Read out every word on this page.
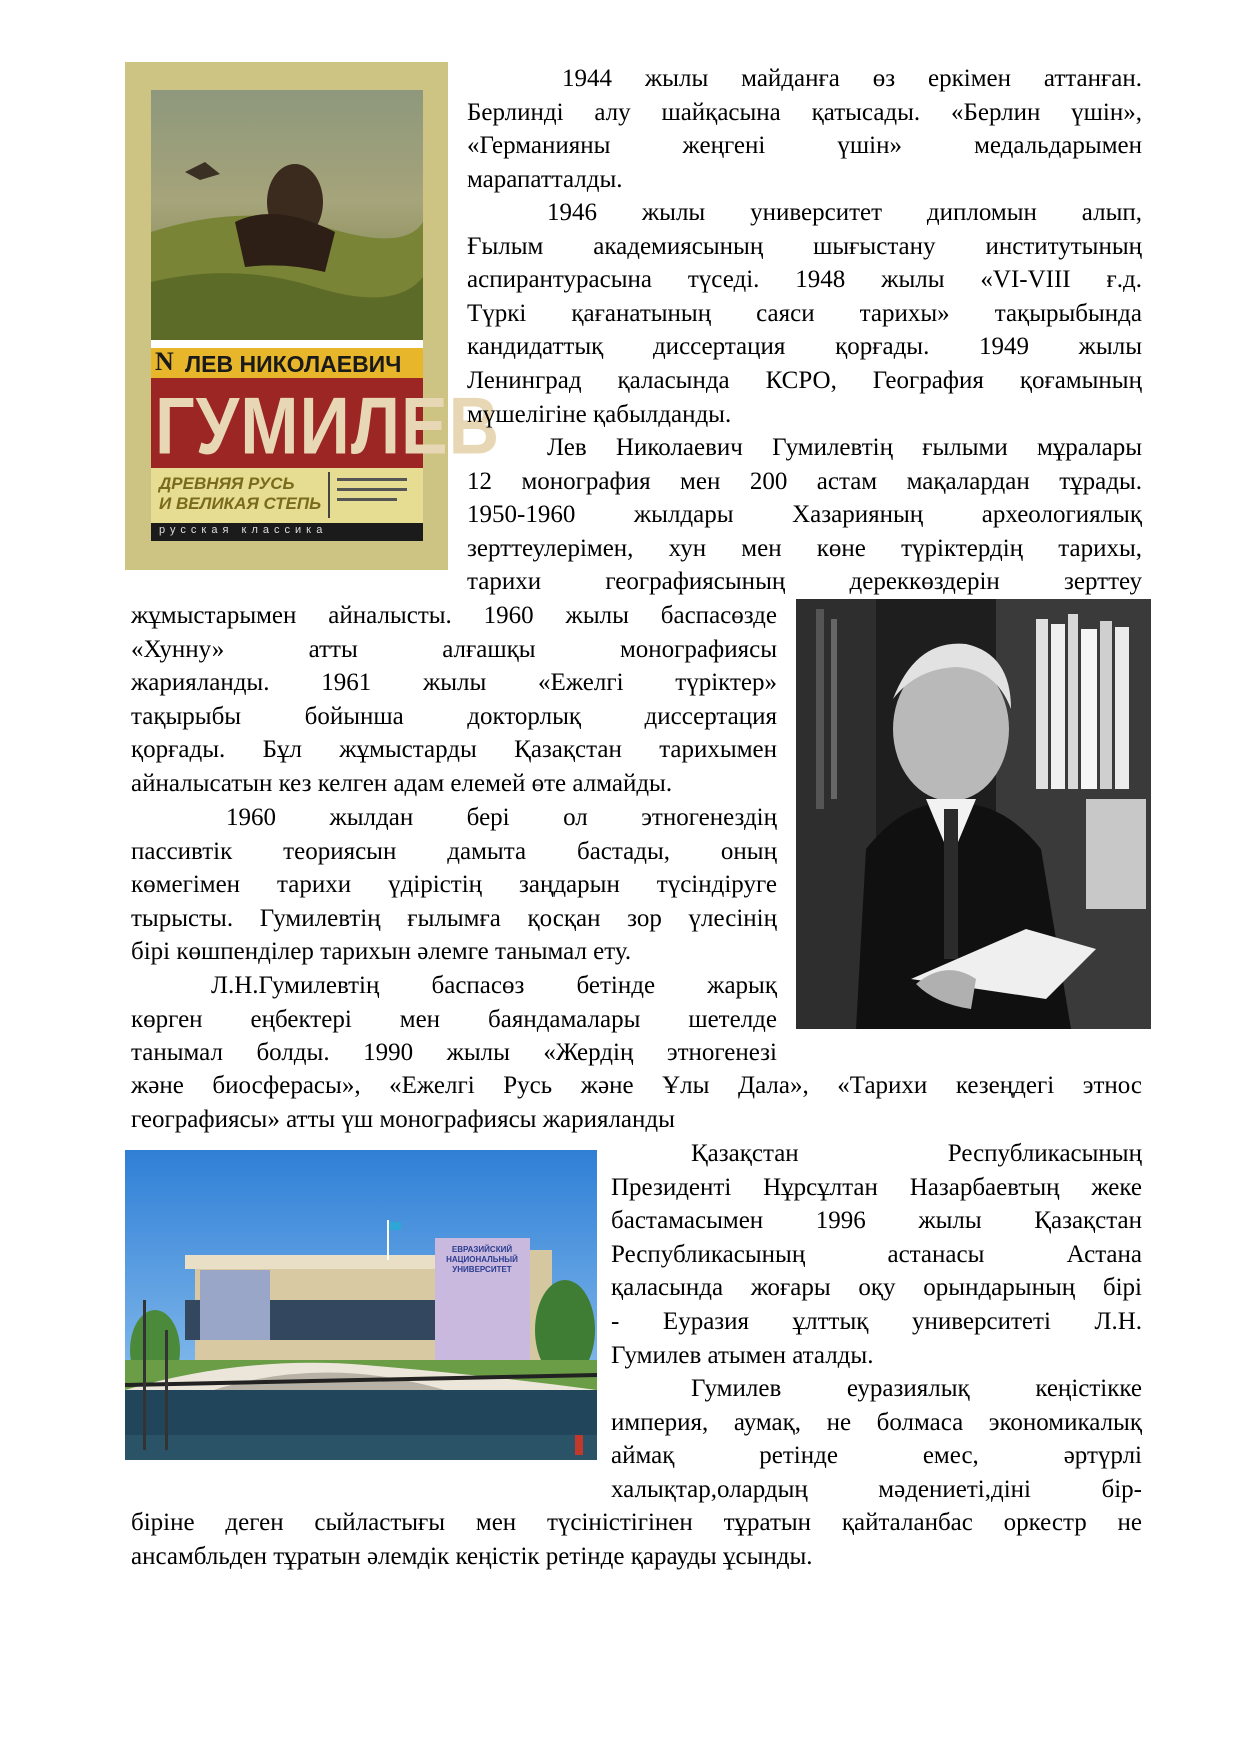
N ЛЕВ НИКОЛАЕВИЧ
ГУМИЛЕВ
ДРЕВНЯЯ РУСЬ
И ВЕЛИКАЯ СТЕПЬ
русская классика
ЕВРАЗИЙСКИЙ НАЦИОНАЛЬНЫЙ УНИВЕРСИТЕТ
1944 жылы майданға өз еркімен аттанған.
Берлинді алу шайқасына қатысады. «Берлин үшін»,
«Германияны жеңгені үшін» медальдарымен
марапатталды.
1946 жылы университет дипломын алып,
Ғылым академиясының шығыстану институтының
аспирантурасына түседі. 1948 жылы «VI-VIII ғ.д.
Түркі қағанатының саяси тарихы» тақырыбында
кандидаттық диссертация қорғады. 1949 жылы
Ленинград қаласында КСРО, География қоғамының
мүшелігіне қабылданды.
Лев Николаевич Гумилевтің ғылыми мұралары
12 монография мен 200 астам мақалардан тұрады.
1950-1960 жылдары Хазарияның археологиялық
зерттеулерімен, хун мен көне түріктердің тарихы,
тарихи географиясының дереккөздерін зерттеу
жұмыстарымен айналысты. 1960 жылы баспасөзде
«Хунну» атты алғашқы монографиясы
жарияланды. 1961 жылы «Ежелгі түріктер»
тақырыбы бойынша докторлық диссертация
қорғады. Бұл жұмыстарды Қазақстан тарихымен
айналысатын кез келген адам елемей өте алмайды.
1960 жылдан бері ол этногенездің
пассивтік теориясын дамыта бастады, оның
көмегімен тарихи үдірістің заңдарын түсіндіруге
тырысты. Гумилевтің ғылымға қосқан зор үлесінің
бірі көшпенділер тарихын әлемге танымал ету.
Л.Н.Гумилевтің баспасөз бетінде жарық
көрген еңбектері мен баяндамалары шетелде
танымал болды. 1990 жылы «Жердің этногенезі
және биосферасы», «Ежелгі Русь және Ұлы Дала», «Тарихи кезеңдегі этнос
географиясы» атты үш монографиясы жарияланды
Қазақстан Республикасының
Президенті Нұрсұлтан Назарбаевтың жеке
бастамасымен 1996 жылы Қазақстан
Республикасының астанасы Астана
қаласында жоғары оқу орындарының бірі
- Еуразия ұлттық университеті Л.Н.
Гумилев атымен аталды.
Гумилев еуразиялық кеңістікке
империя, аумақ, не болмаса экономикалық
аймақ ретінде емес, әртүрлі
халықтар,олардың мәдениеті,діні бір-
біріне деген сыйластығы мен түсіністігінен тұратын қайталанбас оркестр не
ансамбльден тұратын әлемдік кеңістік ретінде қарауды ұсынды.
